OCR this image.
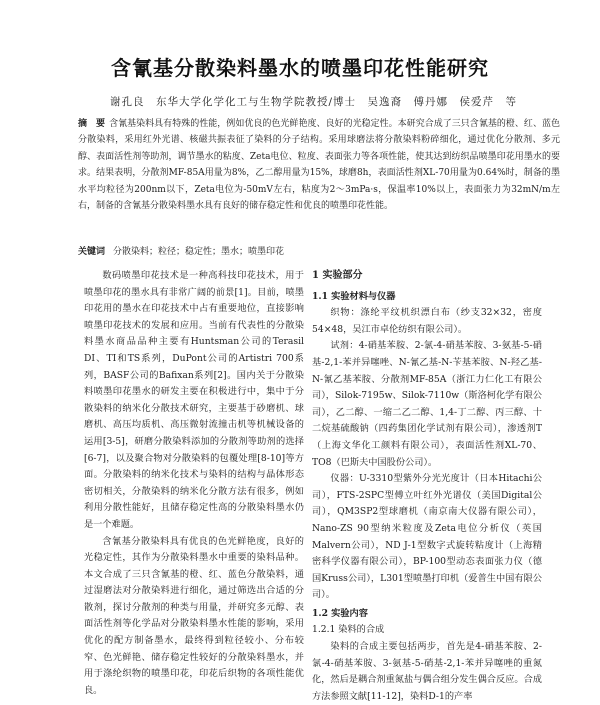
含氰基分散染料墨水的喷墨印花性能研究
谢孔良　东华大学化学化工与生物学院教授/博士　吴逸裔　傅丹娜　侯爱芹　等
摘　要 含氰基染料具有特殊的性能，例如优良的色光鲜艳度、良好的光稳定性。本研究合成了三只含氰基的橙、红、蓝色分散染料，采用红外光谱、核磁共振表征了染料的分子结构。采用球磨法将分散染料粉碎细化，通过优化分散剂、多元醇、表面活性剂等助剂，调节墨水的粘度、Zeta电位、粒度、表面张力等各项性能，使其达到纺织品喷墨印花用墨水的要求。结果表明，分散剂MF-85A用量为8%，乙二醇用量为15%，球磨8h，表面活性剂XL-70用量为0.64%时，制备的墨水平均粒径为200nm以下，Zeta电位为-50mV左右，粘度为2～3mPa·s，保温率10%以上，表面张力为32mN/m左右，制备的含氰基分散染料墨水具有良好的储存稳定性和优良的喷墨印花性能。
关键词 分散染料；粒径；稳定性；墨水；喷墨印花

数码喷墨印花技术是一种高科技印花技术，用于喷墨印花的墨水具有非常广阔的前景[1]。目前，喷墨印花用的墨水在印花技术中占有重要地位，直接影响喷墨印花技术的发展和应用。当前有代表性的分散染料墨水商品品种主要有Huntsman公司的Terasil DI、TI和TS系列，DuPont公司的Artistri 700系列，BASF公司的Bafixan系列[2]。国内关于分散染料喷墨印花墨水的研发主要在积极进行中，集中于分散染料的纳米化分散技术研究，主要基于砂磨机、球磨机、高压均质机、高压微射流撞击机等机械设备的运用[3-5]，研磨分散染料添加的分散剂等助剂的选择[6-7]，以及聚合物对分散染料的包覆处理[8-10]等方面。分散染料的纳米化技术与染料的结构与晶体形态密切相关，分散染料的纳米化分散方法有很多，例如利用分散性能好，且储存稳定性高的分散染料墨水仍是一个难题。

含氰基分散染料具有优良的色光鲜艳度，良好的光稳定性，其作为分散染料墨水中重要的染料品种。本文合成了三只含氰基的橙、红、蓝色分散染料，通过湿磨法对分散染料进行细化，通过筛选出合适的分散剂，探讨分散剂的种类与用量，并研究多元醇、表面活性剂等化学品对分散染料墨水性能的影响，采用优化的配方制备墨水，最终得到粒径较小、分布较窄、色光鲜艳、储存稳定性较好的分散染料墨水，并用于涤纶织物的喷墨印花，印花后织物的各项性能优良。

1 实验部分
1.1 实验材料与仪器

织物：涤纶平纹机织漂白布（纱支32×32，密度54×48，吴江市卓伦纺织有限公司）。

试剂：4-硝基苯胺、2-氯-4-硝基苯胺、3-氨基-5-硝基-2,1-苯并异噻唑、N-氰乙基-N-苄基苯胺、N-羟乙基-N-氰乙基苯胺、分散剂MF-85A（浙江力仁化工有限公司），Silok-7195w、Silok-7110w（斯洛柯化学有限公司），乙二醇、一缩二乙二醇、1,4-丁二醇、丙三醇、十二烷基硫酸钠（四药集团化学试剂有限公司），渗透剂T（上海文华化工颜料有限公司），表面活性剂XL-70、TO8（巴斯夫中国股份公司）。

仪器：U-3310型紫外分光光度计（日本Hitachi公司），FTS-2SPC型傅立叶红外光谱仪（美国Digital公司），QM3SP2型球磨机（南京南大仪器有限公司），Nano-ZS 90型纳米粒度及Zeta电位分析仪（英国Malvern公司），ND J-1型数字式旋转粘度计（上海精密科学仪器有限公司），BP-100型动态表面张力仪（德国Kruss公司），L301型喷墨打印机（爱普生中国有限公司）。

1.2 实验内容
1.2.1 染料的合成

染料的合成主要包括两步，首先是4-硝基苯胺、2-氯-4-硝基苯胺、3-氨基-5-硝基-2,1-苯并异噻唑的重氮化，然后是耦合剂重氮盐与偶合组分发生偶合反应。合成方法参照文献[11-12]，染料D-1的产率
